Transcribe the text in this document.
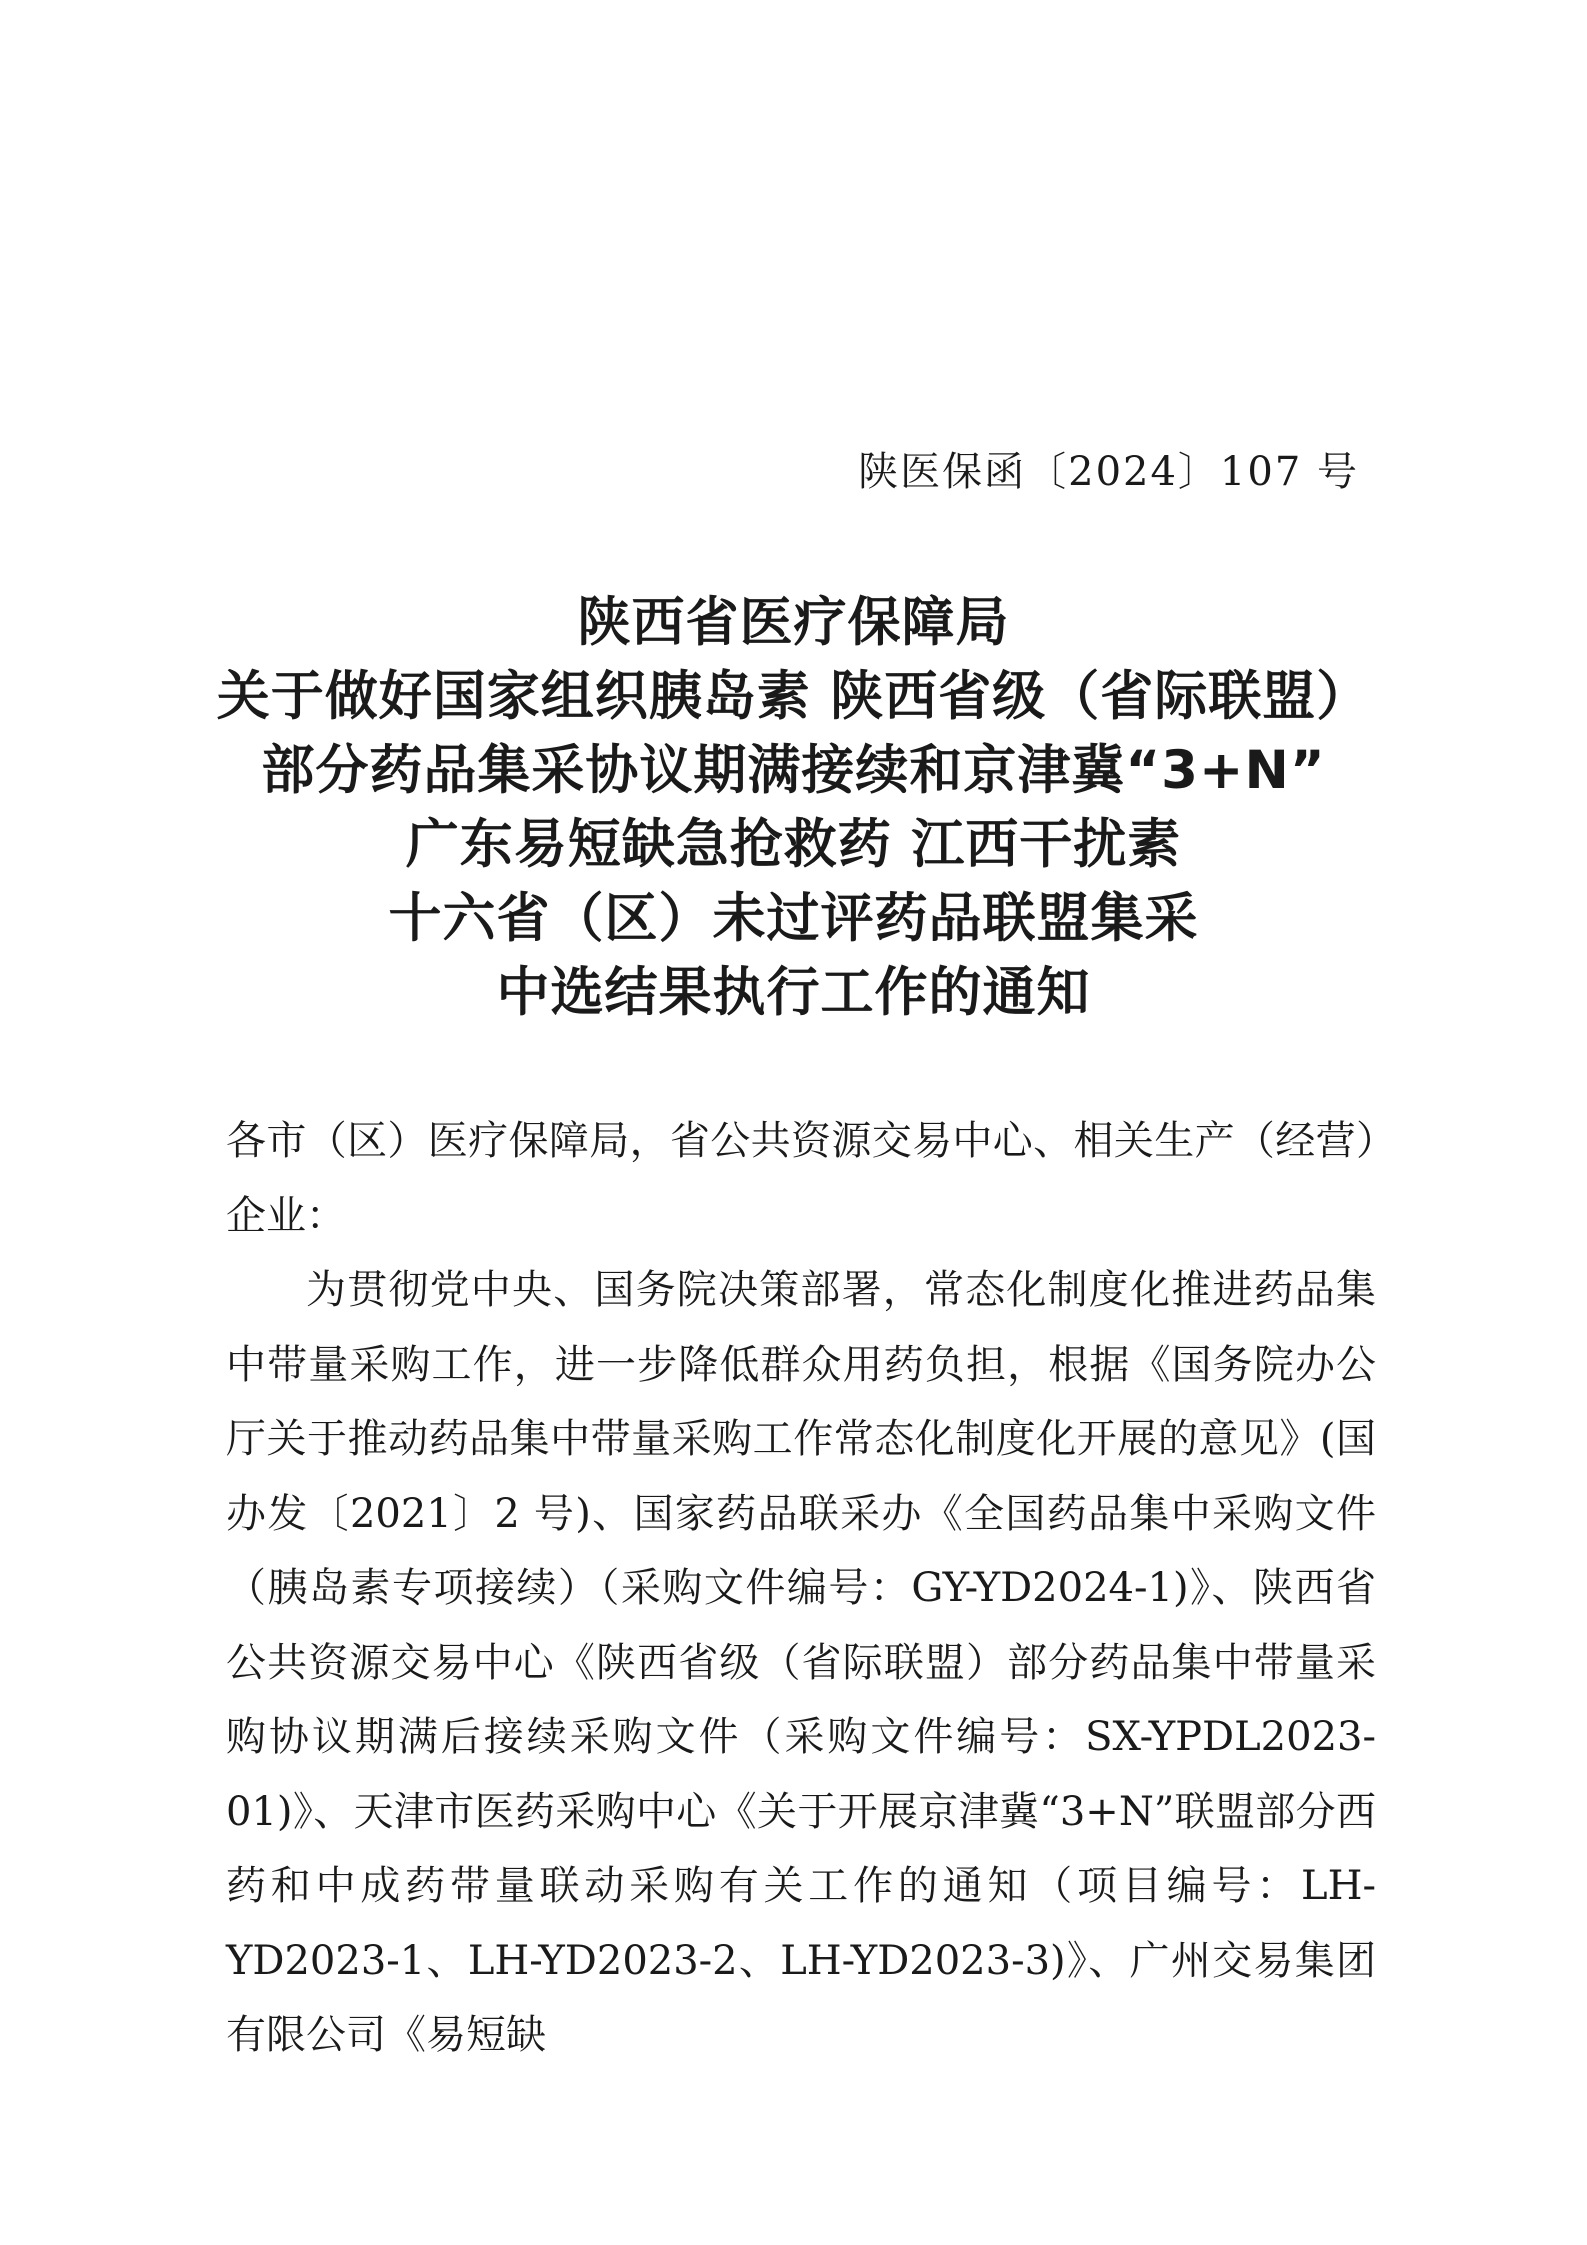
陕医保函〔2024〕107 号
陕西省医疗保障局
关于做好国家组织胰岛素 陕西省级（省际联盟）
部分药品集采协议期满接续和京津冀“3+N”
广东易短缺急抢救药 江西干扰素
十六省（区）未过评药品联盟集采
中选结果执行工作的通知

各市（区）医疗保障局，省公共资源交易中心、相关生产（经营）企业：

为贯彻党中央、国务院决策部署，常态化制度化推进药品集中带量采购工作，进一步降低群众用药负担，根据《国务院办公厅关于推动药品集中带量采购工作常态化制度化开展的意见》(国办发〔2021〕2 号)、国家药品联采办《全国药品集中采购文件（胰岛素专项接续）（采购文件编号：GY-YD2024-1)》、陕西省公共资源交易中心《陕西省级（省际联盟）部分药品集中带量采购协议期满后接续采购文件（采购文件编号：SX-YPDL2023-01)》、天津市医药采购中心《关于开展京津冀“3+N”联盟部分西药和中成药带量联动采购有关工作的通知（项目编号：LH-YD2023-1、LH-YD2023-2、LH-YD2023-3)》、广州交易集团有限公司《易短缺
